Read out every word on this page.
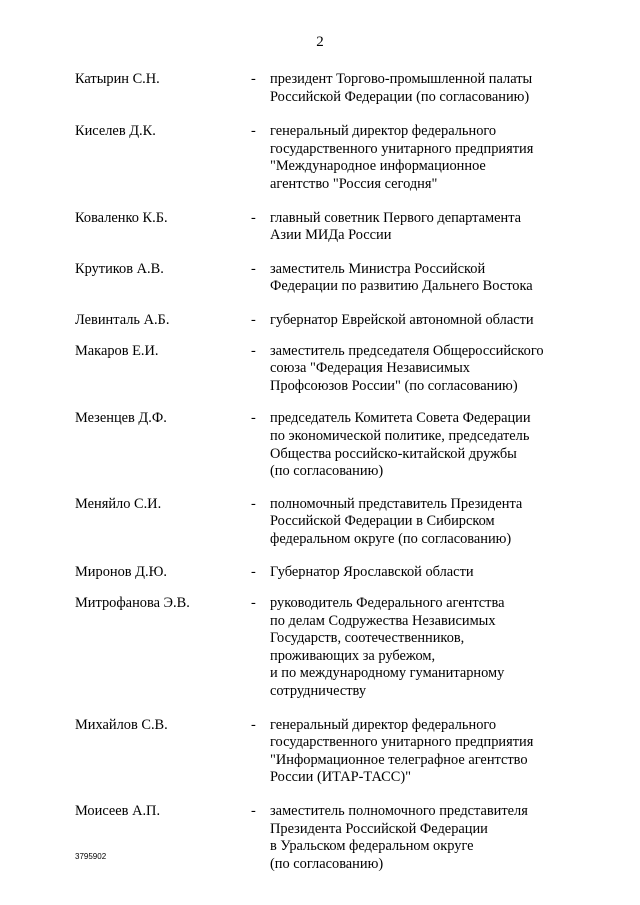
2
Катырин С.Н.	- президент Торгово-промышленной палаты
Российской Федерации (по согласованию)
Киселев Д.К.	- генеральный директор федерального
государственного унитарного предприятия
"Международное информационное
агентство "Россия сегодня"
Коваленко К.Б.	- главный советник Первого департамента
Азии МИДа России
Крутиков А.В.	- заместитель Министра Российской
Федерации по развитию Дальнего Востока
Левинталь А.Б.	- губернатор Еврейской автономной области
Макаров Е.И.	- заместитель председателя Общероссийского
союза "Федерация Независимых
Профсоюзов России" (по согласованию)
Мезенцев Д.Ф.	- председатель Комитета Совета Федерации
по экономической политике, председатель
Общества российско-китайской дружбы
(по согласованию)
Меняйло С.И.	- полномочный представитель Президента
Российской Федерации в Сибирском
федеральном округе (по согласованию)
Миронов Д.Ю.	- Губернатор Ярославской области
Митрофанова Э.В.	- руководитель Федерального агентства
по делам Содружества Независимых
Государств, соотечественников,
проживающих за рубежом,
и по международному гуманитарному
сотрудничеству
Михайлов С.В.	- генеральный директор федерального
государственного унитарного предприятия
"Информационное телеграфное агентство
России (ИТАР-ТАСС)"
Моисеев А.П.	- заместитель полномочного представителя
Президента Российской Федерации
в Уральском федеральном округе
(по согласованию)
3795902
